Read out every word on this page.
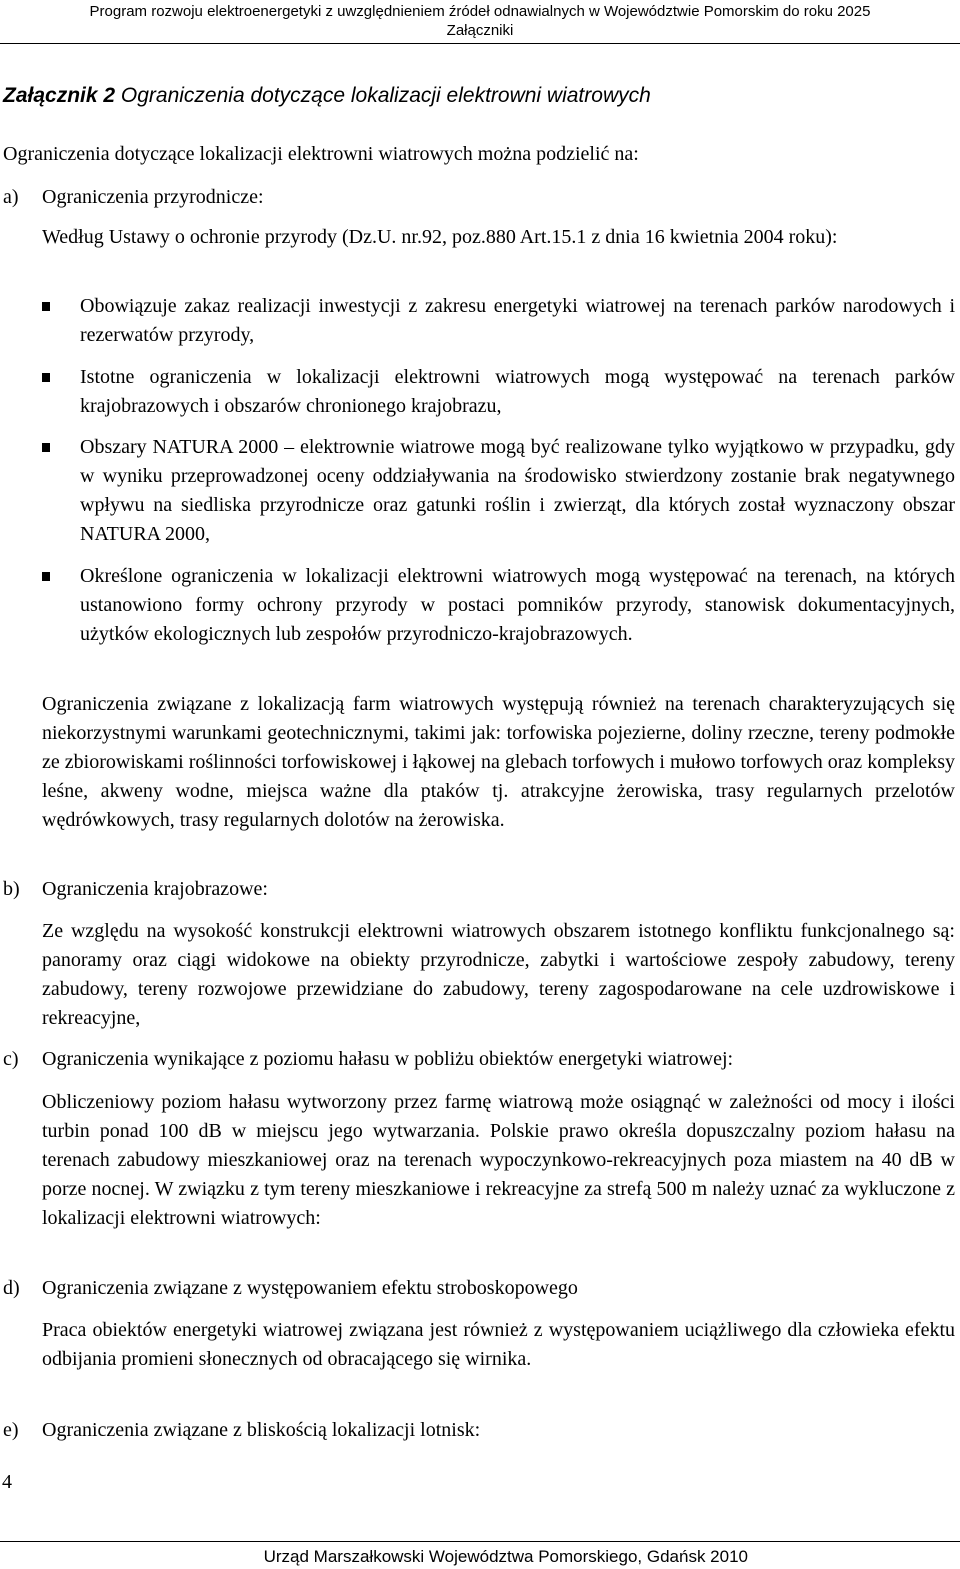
Program rozwoju elektroenergetyki z uwzględnieniem źródeł odnawialnych w Województwie Pomorskim do roku 2025
Załączniki
Załącznik 2 Ograniczenia dotyczące lokalizacji elektrowni wiatrowych

Ograniczenia dotyczące lokalizacji elektrowni wiatrowych można podzielić na:

a) Ograniczenia przyrodnicze:

Według Ustawy o ochronie przyrody (Dz.U. nr.92, poz.880 Art.15.1 z dnia 16 kwietnia 2004 roku):

Obowiązuje zakaz realizacji inwestycji z zakresu energetyki wiatrowej na terenach parków narodowych i rezerwatów przyrody,
Istotne ograniczenia w lokalizacji elektrowni wiatrowych mogą występować na terenach parków krajobrazowych i obszarów chronionego krajobrazu,
Obszary NATURA 2000 – elektrownie wiatrowe mogą być realizowane tylko wyjątkowo w przypadku, gdy w wyniku przeprowadzonej oceny oddziaływania na środowisko stwierdzony zostanie brak negatywnego wpływu na siedliska przyrodnicze oraz gatunki roślin i zwierząt, dla których został wyznaczony obszar NATURA 2000,
Określone ograniczenia w lokalizacji elektrowni wiatrowych mogą występować na terenach, na których ustanowiono formy ochrony przyrody w postaci pomników przyrody, stanowisk dokumentacyjnych, użytków ekologicznych lub zespołów przyrodniczo-krajobrazowych.

Ograniczenia związane z lokalizacją farm wiatrowych występują również na terenach charakteryzujących się niekorzystnymi warunkami geotechnicznymi, takimi jak: torfowiska pojezierne, doliny rzeczne, tereny podmokłe ze zbiorowiskami roślinności torfowiskowej i łąkowej na glebach torfowych i mułowo torfowych oraz kompleksy leśne, akweny wodne, miejsca ważne dla ptaków tj. atrakcyjne żerowiska, trasy regularnych przelotów wędrówkowych, trasy regularnych dolotów na żerowiska.

b) Ograniczenia krajobrazowe:

Ze względu na wysokość konstrukcji elektrowni wiatrowych obszarem istotnego konfliktu funkcjonalnego są: panoramy oraz ciągi widokowe na obiekty przyrodnicze, zabytki i wartościowe zespoły zabudowy, tereny zabudowy, tereny rozwojowe przewidziane do zabudowy, tereny zagospodarowane na cele uzdrowiskowe i rekreacyjne,

c) Ograniczenia wynikające z poziomu hałasu w pobliżu obiektów energetyki wiatrowej:

Obliczeniowy poziom hałasu wytworzony przez farmę wiatrową może osiągnąć w zależności od mocy i ilości turbin ponad 100 dB w miejscu jego wytwarzania. Polskie prawo określa dopuszczalny poziom hałasu na terenach zabudowy mieszkaniowej oraz na terenach wypoczynkowo-rekreacyjnych poza miastem na 40 dB w porze nocnej. W związku z tym tereny mieszkaniowe i rekreacyjne za strefą 500 m należy uznać za wykluczone z lokalizacji elektrowni wiatrowych:

d) Ograniczenia związane z występowaniem efektu stroboskopowego

Praca obiektów energetyki wiatrowej związana jest również z występowaniem uciążliwego dla człowieka efektu odbijania promieni słonecznych od obracającego się wirnika.

e) Ograniczenia związane z bliskością lokalizacji lotnisk:
4
Urząd Marszałkowski Województwa Pomorskiego, Gdańsk 2010
